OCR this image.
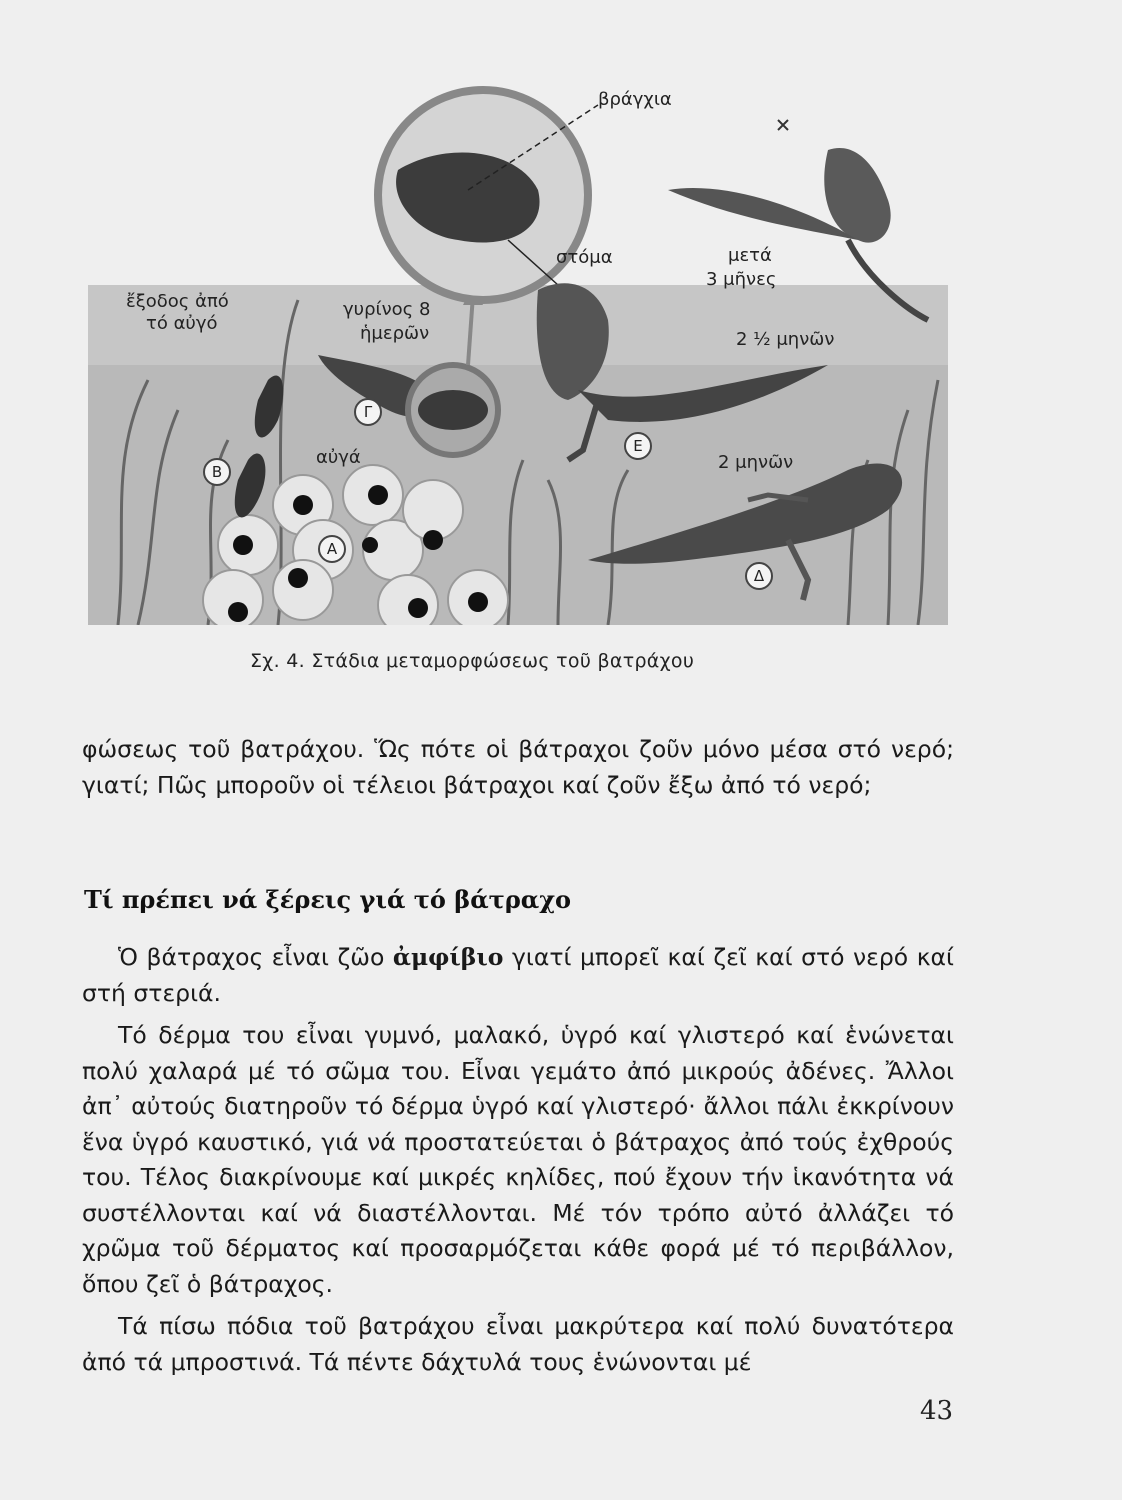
βράγχια
ἔξοδος ἀπό
τό αὐγό
γυρίνος 8
ἡμερῶν
στόμα	μετά
3 μῆνες
2 ½ μηνῶν
αὐγά	2 μηνῶν
Α
Β
Γ
Δ
Ε
Σχ. 4. Στάδια μεταμορφώσεως τοῦ βατράχου

φώσεως τοῦ βατράχου. Ὥς πότε οἱ βάτραχοι ζοῦν μόνο μέσα στό νερό; γιατί; Πῶς μποροῦν οἱ τέλειοι βάτραχοι καί ζοῦν ἔξω ἀπό τό νερό;

Τί πρέπει νά ξέρεις γιά τό βάτραχο

Ὁ βάτραχος εἶναι ζῶο ἀμφίβιο γιατί μπορεῖ καί ζεῖ καί στό νερό καί στή στεριά.

Τό δέρμα του εἶναι γυμνό, μαλακό, ὑγρό καί γλιστερό καί ἑνώνεται πολύ χαλαρά μέ τό σῶμα του. Εἶναι γεμάτο ἀπό μικρούς ἀδένες. Ἄλλοι ἀπ᾽ αὐτούς διατηροῦν τό δέρμα ὑγρό καί γλιστερό· ἄλλοι πάλι ἐκκρίνουν ἕνα ὑγρό καυστικό, γιά νά προστατεύεται ὁ βάτραχος ἀπό τούς ἐχθρούς του. Τέλος διακρίνουμε καί μικρές κηλίδες, πού ἔχουν τήν ἱκανότητα νά συστέλλονται καί νά διαστέλλονται. Μέ τόν τρόπο αὐτό ἀλλάζει τό χρῶμα τοῦ δέρματος καί προσαρμόζεται κάθε φορά μέ τό περιβάλλον, ὅπου ζεῖ ὁ βάτραχος.

Τά πίσω πόδια τοῦ βατράχου εἶναι μακρύτερα καί πολύ δυνατότερα ἀπό τά μπροστινά. Τά πέντε δάχτυλά τους ἑνώνονται μέ

43
